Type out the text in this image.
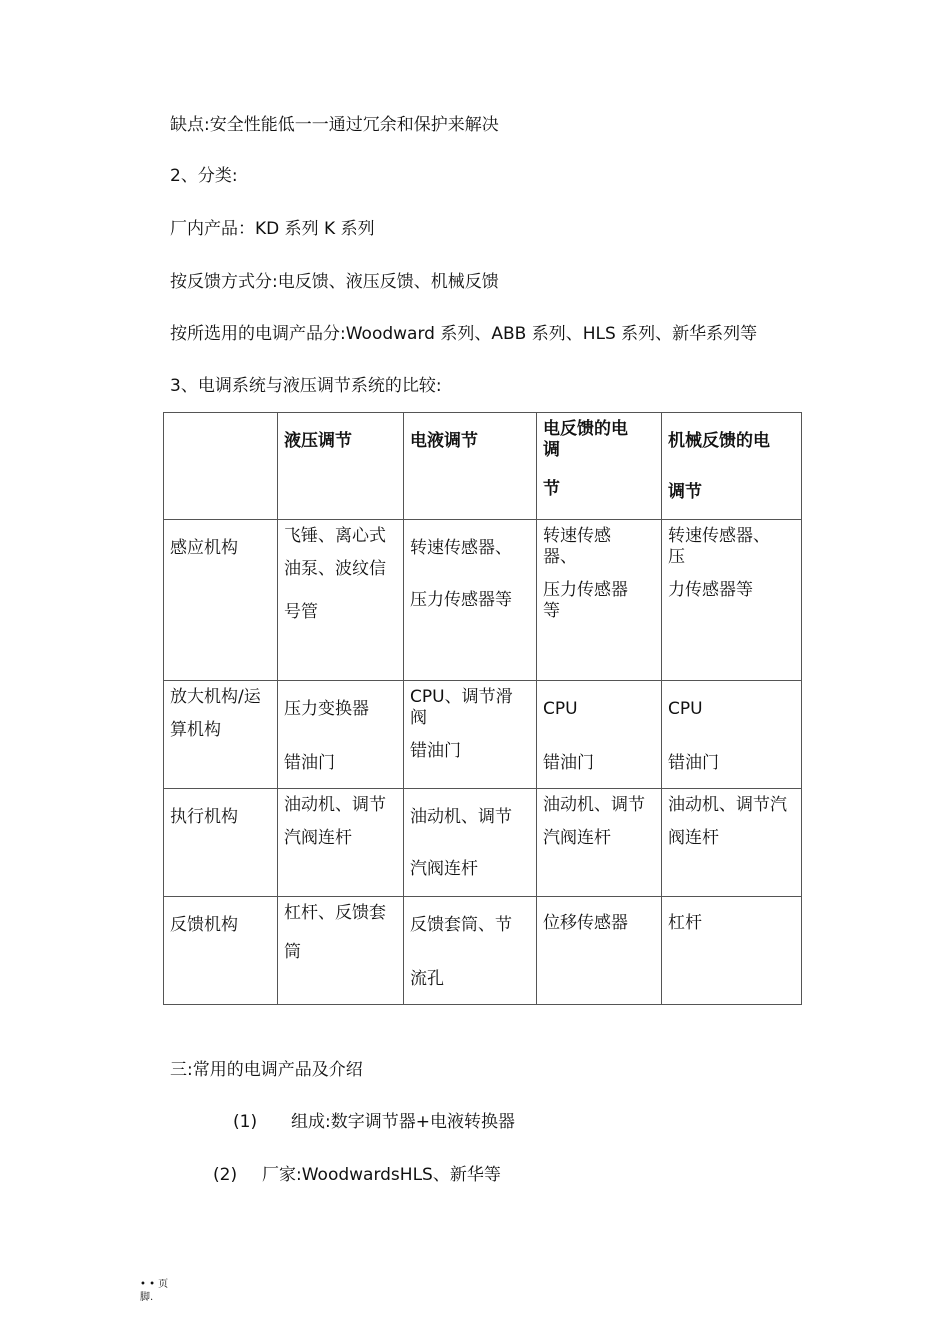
缺点:安全性能低一一通过冗余和保护来解决
2、分类:
厂内产品：KD 系列 K 系列
按反馈方式分:电反馈、液压反馈、机械反馈
按所选用的电调产品分:Woodward 系列、ABB 系列、HLS 系列、新华系列等
3、电调系统与液压调节系统的比较:

	液压调节	电液调节	电反馈的电调
节	机械反馈的电
调节

感应机构	飞锤、离心式
油泵、波纹信
号管	转速传感器、
压力传感器等	转速传感器、
压力传感器等	转速传感器、压
力传感器等

放大机构/运
算机构	压力变换器
错油门	CPU、调节滑阀
错油门	CPU
错油门	CPU
错油门

执行机构	油动机、调节
汽阀连杆	油动机、调节
汽阀连杆	油动机、调节
汽阀连杆	油动机、调节汽
阀连杆

反馈机构	杠杆、反馈套
筒	反馈套筒、节
流孔	位移传感器	杠杆
三:常用的电调产品及介绍
(1) 组成:数字调节器+电液转换器
(2) 厂家:WoodwardsHLS、新华等
• • 页
脚.
